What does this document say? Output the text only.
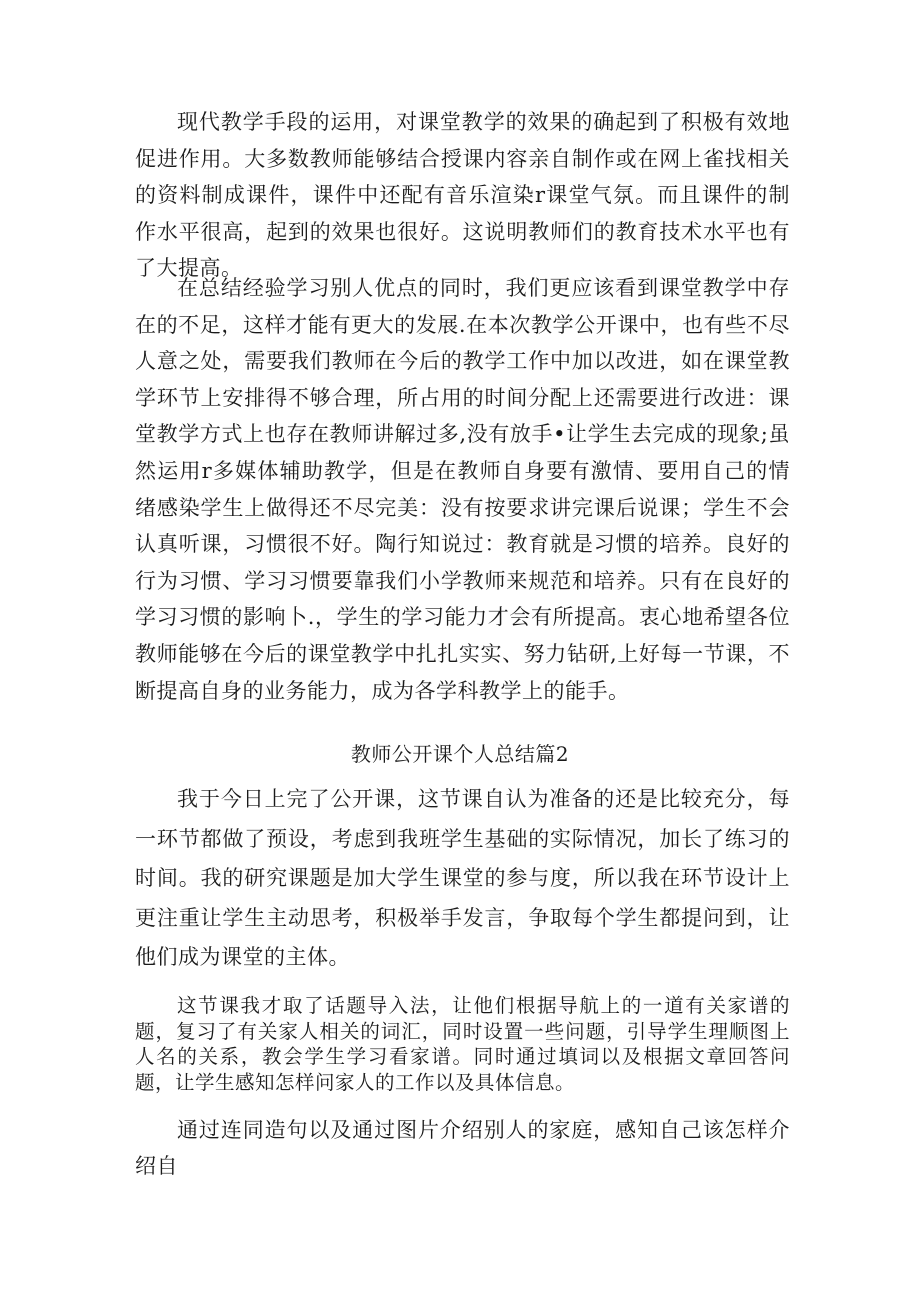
现代教学手段的运用，对课堂教学的效果的确起到了积极有效地促进作用。大多数教师能够结合授课内容亲自制作或在网上雀找相关的资料制成课件，课件中还配有音乐渲染r课堂气氛。而且课件的制作水平很高，起到的效果也很好。这说明教师们的教育技术水平也有了大提高。

在总结经验学习别人优点的同时，我们更应该看到课堂教学中存在的不足，这样才能有更大的发展.在本次教学公开课中，也有些不尽人意之处，需要我们教师在今后的教学工作中加以改进，如在课堂教学环节上安排得不够合理，所占用的时间分配上还需要进行改进：课堂教学方式上也存在教师讲解过多,没有放手•让学生去完成的现象;虽然运用r多媒体辅助教学，但是在教师自身要有激情、要用自己的情绪感染学生上做得还不尽完美：没有按要求讲完课后说课；学生不会认真听课，习惯很不好。陶行知说过：教育就是习惯的培养。良好的行为习惯、学习习惯要靠我们小学教师来规范和培养。只有在良好的学习习惯的影响卜.，学生的学习能力才会有所提高。衷心地希望各位教师能够在今后的课堂教学中扎扎实实、努力钻研,上好每一节课，不断提高自身的业务能力，成为各学科教学上的能手。

教师公开课个人总结篇2

我于今日上完了公开课，这节课自认为准备的还是比较充分，每一环节都做了预设，考虑到我班学生基础的实际情况，加长了练习的时间。我的研究课题是加大学生课堂的参与度，所以我在环节设计上更注重让学生主动思考，积极举手发言，争取每个学生都提问到，让他们成为课堂的主体。

这节课我才取了话题导入法，让他们根据导航上的一道有关家谱的题，复习了有关家人相关的词汇，同时设置一些问题，引导学生理顺图上人名的关系，教会学生学习看家谱。同时通过填词以及根据文章回答问题，让学生感知怎样问家人的工作以及具体信息。

通过连同造句以及通过图片介绍别人的家庭，感知自己该怎样介绍自
